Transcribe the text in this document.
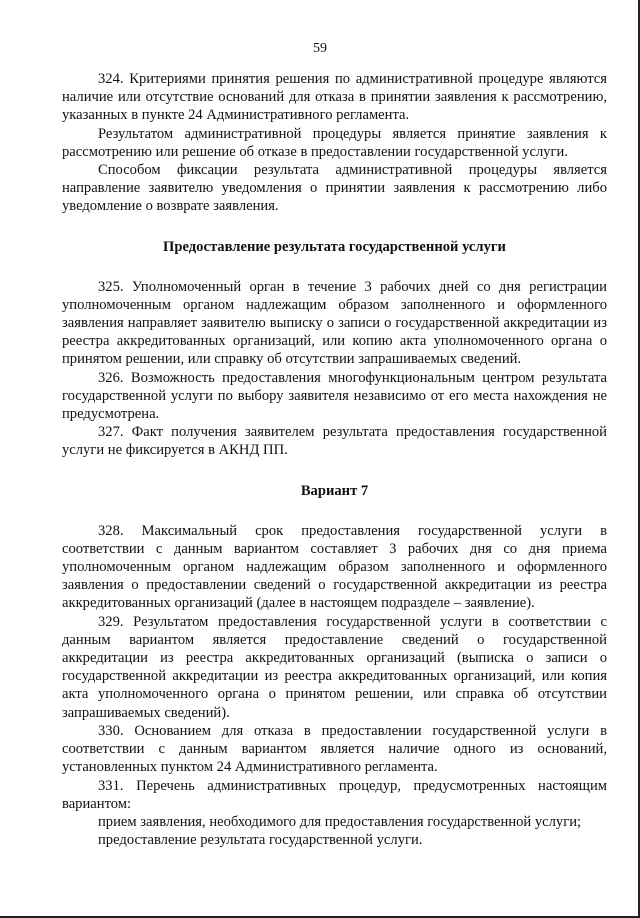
59

324. Критериями принятия решения по административной процедуре являются наличие или отсутствие оснований для отказа в принятии заявления к рассмотрению, указанных в пункте 24 Административного регламента.

Результатом административной процедуры является принятие заявления к рассмотрению или решение об отказе в предоставлении государственной услуги.

Способом фиксации результата административной процедуры является направление заявителю уведомления о принятии заявления к рассмотрению либо уведомление о возврате заявления.

Предоставление результата государственной услуги

325. Уполномоченный орган в течение 3 рабочих дней со дня регистрации уполномоченным органом надлежащим образом заполненного и оформленного заявления направляет заявителю выписку о записи о государственной аккредитации из реестра аккредитованных организаций, или копию акта уполномоченного органа о принятом решении, или справку об отсутствии запрашиваемых сведений.

326. Возможность предоставления многофункциональным центром результата государственной услуги по выбору заявителя независимо от его места нахождения не предусмотрена.

327. Факт получения заявителем результата предоставления государственной услуги не фиксируется в АКНД ПП.

Вариант 7

328. Максимальный срок предоставления государственной услуги в соответствии с данным вариантом составляет 3 рабочих дня со дня приема уполномоченным органом надлежащим образом заполненного и оформленного заявления о предоставлении сведений о государственной аккредитации из реестра аккредитованных организаций (далее в настоящем подразделе – заявление).

329. Результатом предоставления государственной услуги в соответствии с данным вариантом является предоставление сведений о государственной аккредитации из реестра аккредитованных организаций (выписка о записи о государственной аккредитации из реестра аккредитованных организаций, или копия акта уполномоченного органа о принятом решении, или справка об отсутствии запрашиваемых сведений).

330. Основанием для отказа в предоставлении государственной услуги в соответствии с данным вариантом является наличие одного из оснований, установленных пунктом 24 Административного регламента.

331. Перечень административных процедур, предусмотренных настоящим вариантом:

прием заявления, необходимого для предоставления государственной услуги;

предоставление результата государственной услуги.
